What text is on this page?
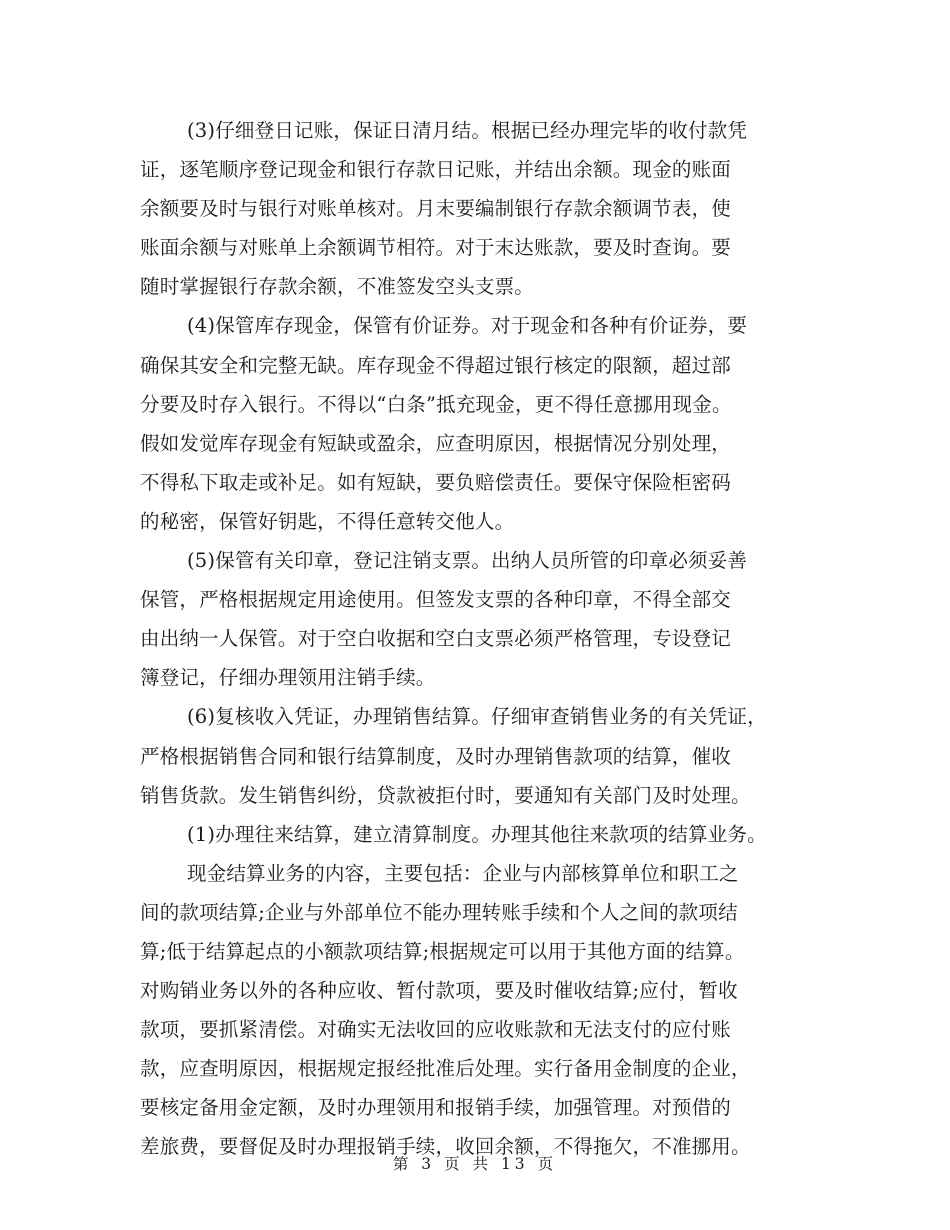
(3)仔细登日记账，保证日清月结。根据已经办理完毕的收付款凭
证，逐笔顺序登记现金和银行存款日记账，并结出余额。现金的账面
余额要及时与银行对账单核对。月末要编制银行存款余额调节表，使
账面余额与对账单上余额调节相符。对于末达账款，要及时查询。要
随时掌握银行存款余额，不准签发空头支票。
(4)保管库存现金，保管有价证券。对于现金和各种有价证券，要
确保其安全和完整无缺。库存现金不得超过银行核定的限额，超过部
分要及时存入银行。不得以“白条”抵充现金，更不得任意挪用现金。
假如发觉库存现金有短缺或盈余，应查明原因，根据情况分别处理，
不得私下取走或补足。如有短缺，要负赔偿责任。要保守保险柜密码
的秘密，保管好钥匙，不得任意转交他人。
(5)保管有关印章，登记注销支票。出纳人员所管的印章必须妥善
保管，严格根据规定用途使用。但签发支票的各种印章，不得全部交
由出纳一人保管。对于空白收据和空白支票必须严格管理，专设登记
簿登记，仔细办理领用注销手续。
(6)复核收入凭证，办理销售结算。仔细审查销售业务的有关凭证，
严格根据销售合同和银行结算制度，及时办理销售款项的结算，催收
销售货款。发生销售纠纷，贷款被拒付时，要通知有关部门及时处理。
(1)办理往来结算，建立清算制度。办理其他往来款项的结算业务。
现金结算业务的内容，主要包括：企业与内部核算单位和职工之
间的款项结算;企业与外部单位不能办理转账手续和个人之间的款项结
算;低于结算起点的小额款项结算;根据规定可以用于其他方面的结算。
对购销业务以外的各种应收、暂付款项，要及时催收结算;应付，暂收
款项，要抓紧清偿。对确实无法收回的应收账款和无法支付的应付账
款，应查明原因，根据规定报经批准后处理。实行备用金制度的企业，
要核定备用金定额，及时办理领用和报销手续，加强管理。对预借的
差旅费，要督促及时办理报销手续，收回余额，不得拖欠，不准挪用。
第 3 页 共 13 页
